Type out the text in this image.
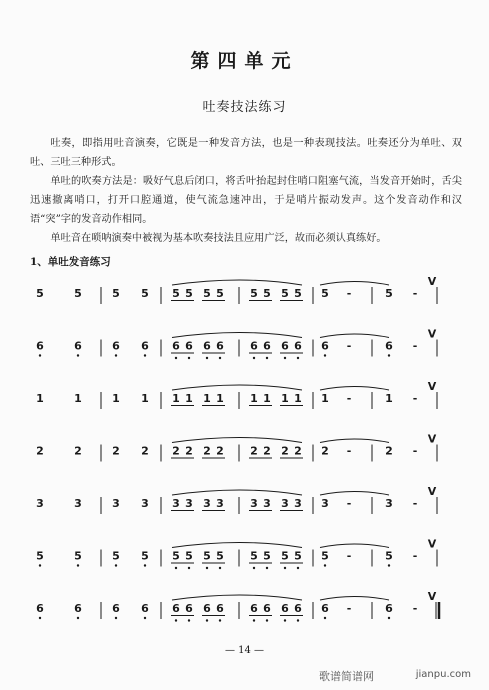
第四单元
吐奏技法练习
吐奏，即指用吐音演奏，它既是一种发音方法，也是一种表现技法。吐奏还分为单吐、双吐、三吐三种形式。
单吐的吹奏方法是：吸好气息后闭口，将舌叶抬起封住哨口阻塞气流，当发音开始时，舌尖迅速撤离哨口，打开口腔通道，使气流急速冲出，于是哨片振动发声。这个发音动作和汉语“突”字的发音动作相同。
单吐音在唢呐演奏中被视为基本吹奏技法且应用广泛，故而必须认真练好。
1、单吐发音练习
5	5	5 5 5 5 5 5 5 5 5 5 5 -	5 -
V
6	6	6 6 6 6 6 6 6 6 6 6 6 -	6 -
V
1	1	1 1 1 1 1 1 1 1 1 1 1 -	1 -
V
2	2	2 2 2 2 2 2 2 2 2 2 2 -	2 -
V
3	3	3 3 3 3 3 3 3 3 3 3 3 -	3 -
V
5	5	5 5 5 5 5 5 5 5 5 5 5 -	5 -
V
6	6	6 6 6 6 6 6 6 6 6 6 6 -	6 -
V
— 14 —
歌谱简谱网	jianpu.com
